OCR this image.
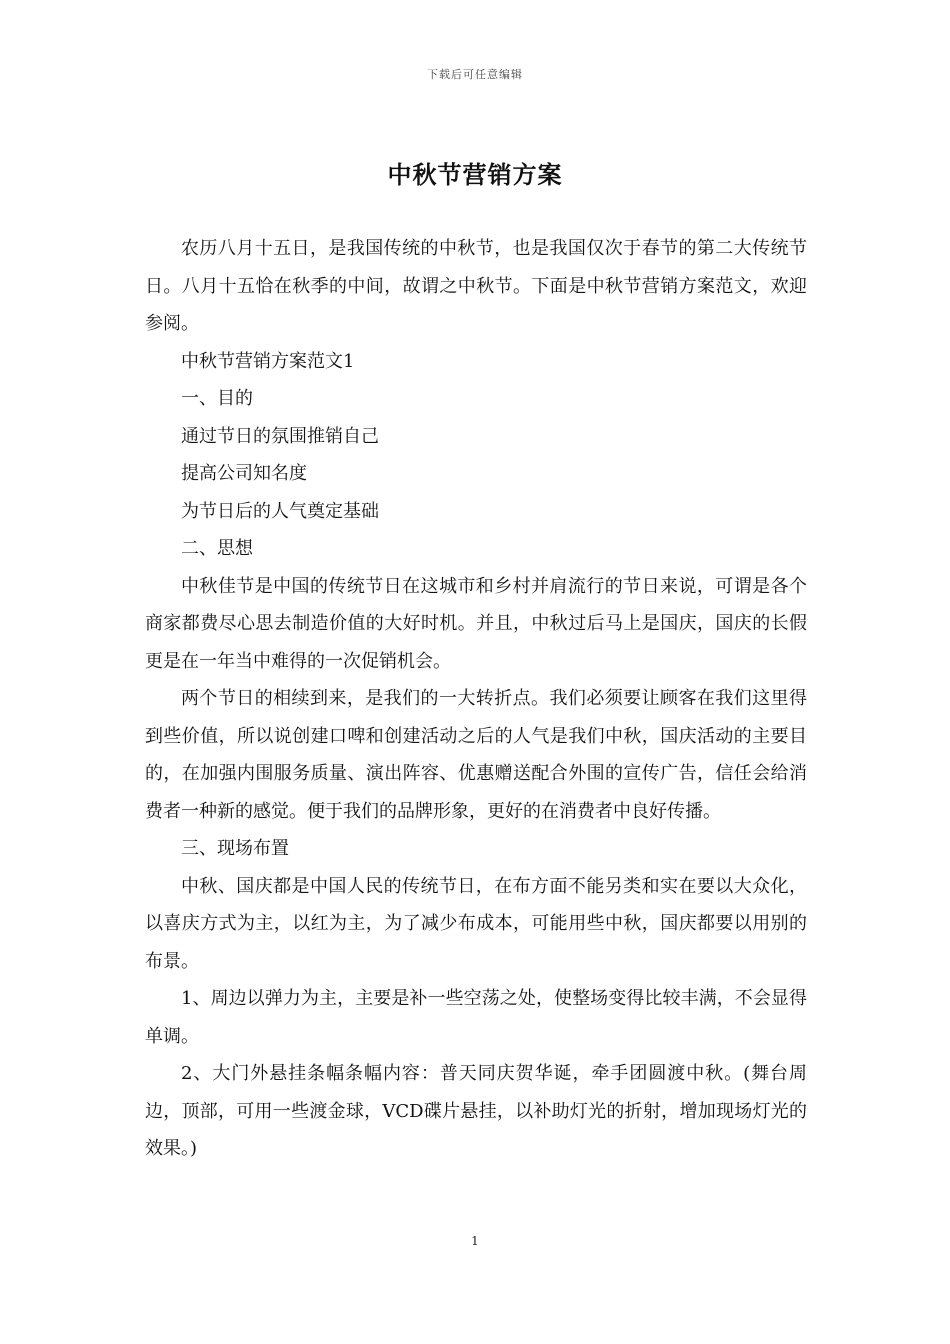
下载后可任意编辑
中秋节营销方案

农历八月十五日，是我国传统的中秋节，也是我国仅次于春节的第二大传统节日。八月十五恰在秋季的中间，故谓之中秋节。下面是中秋节营销方案范文，欢迎参阅。

中秋节营销方案范文1

一、目的

通过节日的氛围推销自己

提高公司知名度

为节日后的人气奠定基础

二、思想

中秋佳节是中国的传统节日在这城市和乡村并肩流行的节日来说，可谓是各个商家都费尽心思去制造价值的大好时机。并且，中秋过后马上是国庆，国庆的长假更是在一年当中难得的一次促销机会。

两个节日的相续到来，是我们的一大转折点。我们必须要让顾客在我们这里得到些价值，所以说创建口啤和创建活动之后的人气是我们中秋，国庆活动的主要目的，在加强内围服务质量、演出阵容、优惠赠送配合外围的宣传广告，信任会给消费者一种新的感觉。便于我们的品牌形象，更好的在消费者中良好传播。

三、现场布置

中秋、国庆都是中国人民的传统节日，在布方面不能另类和实在要以大众化，以喜庆方式为主，以红为主，为了减少布成本，可能用些中秋，国庆都要以用别的布景。

1、周边以弹力为主，主要是补一些空荡之处，使整场变得比较丰满，不会显得单调。

2、大门外悬挂条幅条幅内容：普天同庆贺华诞，牵手团圆渡中秋。(舞台周边，顶部，可用一些渡金球，VCD碟片悬挂，以补助灯光的折射，增加现场灯光的效果。)

1
